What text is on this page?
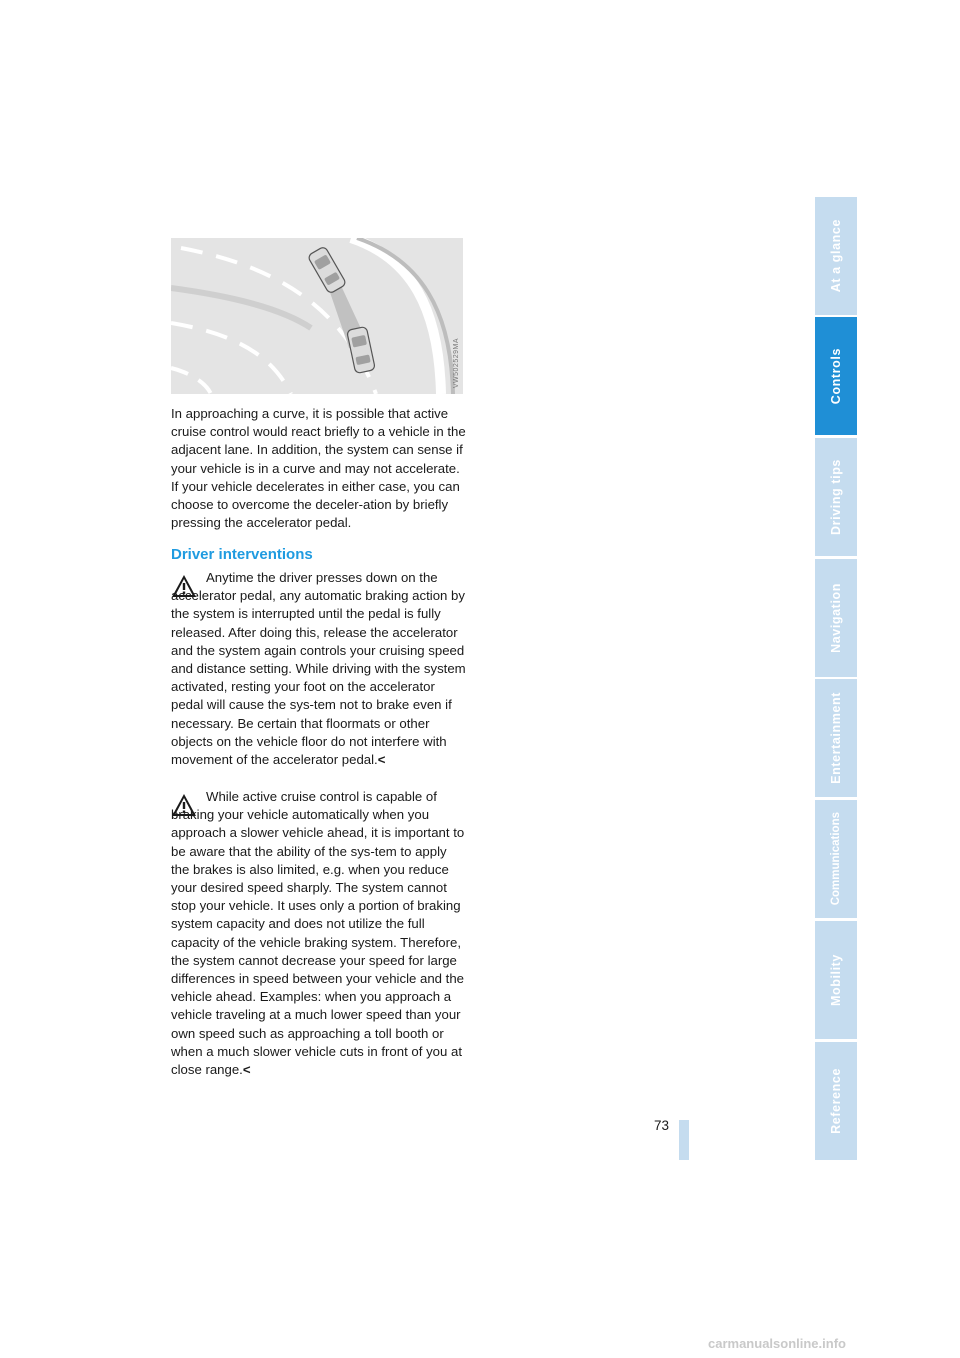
VW502529MA

In approaching a curve, it is possible that active cruise control would react briefly to a vehicle in the adjacent lane. In addition, the system can sense if your vehicle is in a curve and may not accelerate. If your vehicle decelerates in either case, you can choose to overcome the deceler-ation by briefly pressing the accelerator pedal.

Driver interventions

Anytime the driver presses down on the accelerator pedal, any automatic braking action by the system is interrupted until the pedal is fully released. After doing this, release the accelerator and the system again controls your cruising speed and distance setting. While driving with the system activated, resting your foot on the accelerator pedal will cause the sys-tem not to brake even if necessary. Be certain that floormats or other objects on the vehicle floor do not interfere with movement of the accelerator pedal.<

While active cruise control is capable of braking your vehicle automatically when you approach a slower vehicle ahead, it is important to be aware that the ability of the sys-tem to apply the brakes is also limited, e.g. when you reduce your desired speed sharply. The system cannot stop your vehicle. It uses only a portion of braking system capacity and does not utilize the full capacity of the vehicle braking system. Therefore, the system cannot decrease your speed for large differences in speed between your vehicle and the vehicle ahead. Examples: when you approach a vehicle traveling at a much lower speed than your own speed such as approaching a toll booth or when a much slower vehicle cuts in front of you at close range.<

73
At a glance
Controls
Driving tips
Navigation
Entertainment
Communications
Mobility
Reference
carmanualsonline.info
